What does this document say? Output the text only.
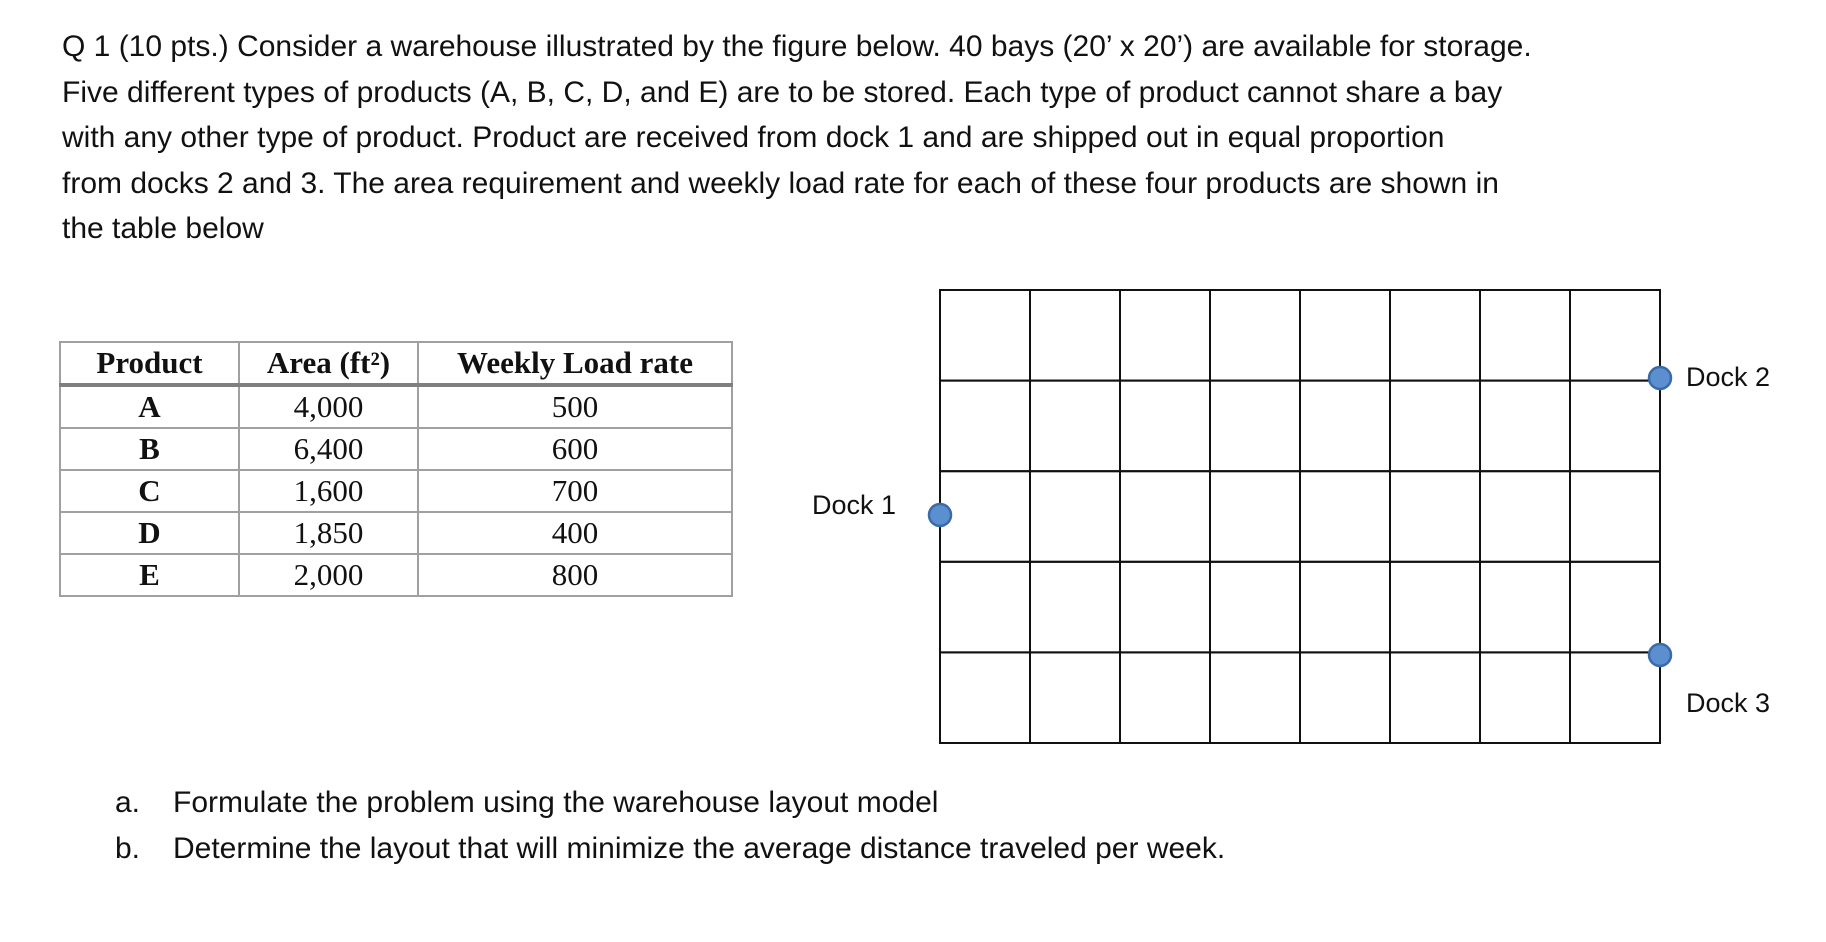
Q 1 (10 pts.) Consider a warehouse illustrated by the figure below. 40 bays (20’ x 20’) are available for storage.

Five different types of products (A, B, C, D, and E) are to be stored. Each type of product cannot share a bay

with any other type of product. Product are received from dock 1 and are shipped out in equal proportion

from docks 2 and 3. The area requirement and weekly load rate for each of these four products are shown in

the table below

Product	Area (ft²)	Weekly Load rate
A	4,000	500
B	6,400	600
C	1,600	700
D	1,850	400
E	2,000	800
Dock 1
Dock 2
Dock 3
a. Formulate the problem using the warehouse layout model
b. Determine the layout that will minimize the average distance traveled per week.
